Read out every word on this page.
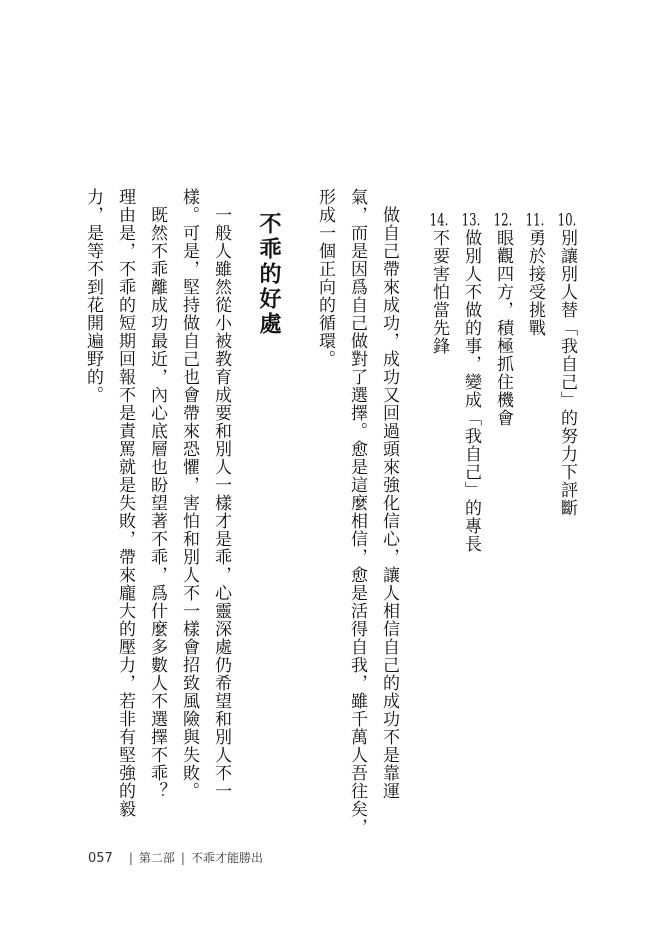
10.別讓別人替「我自己」的努力下評斷
11.勇於接受挑戰
12.眼觀四方，積極抓住機會
13.做別人不做的事，變成「我自己」的專長
14.不要害怕當先鋒
　做自己帶來成功，成功又回過頭來強化信心，讓人相信自己的成功不是靠運
氣，而是因爲自己做對了選擇。愈是這麼相信，愈是活得自我，雖千萬人吾往矣，
形成一個正向的循環。
不乖的好處
　一般人雖然從小被教育成要和別人一樣才是乖，心靈深處仍希望和別人不一
樣。可是，堅持做自己也會帶來恐懼，害怕和別人不一樣會招致風險與失敗。
　既然不乖離成功最近，內心底層也盼望著不乖，爲什麼多數人不選擇不乖？
理由是，不乖的短期回報不是責罵就是失敗，帶來龐大的壓力，若非有堅強的毅
力，是等不到花開遍野的。
057 | 第二部 | 不乖才能勝出
